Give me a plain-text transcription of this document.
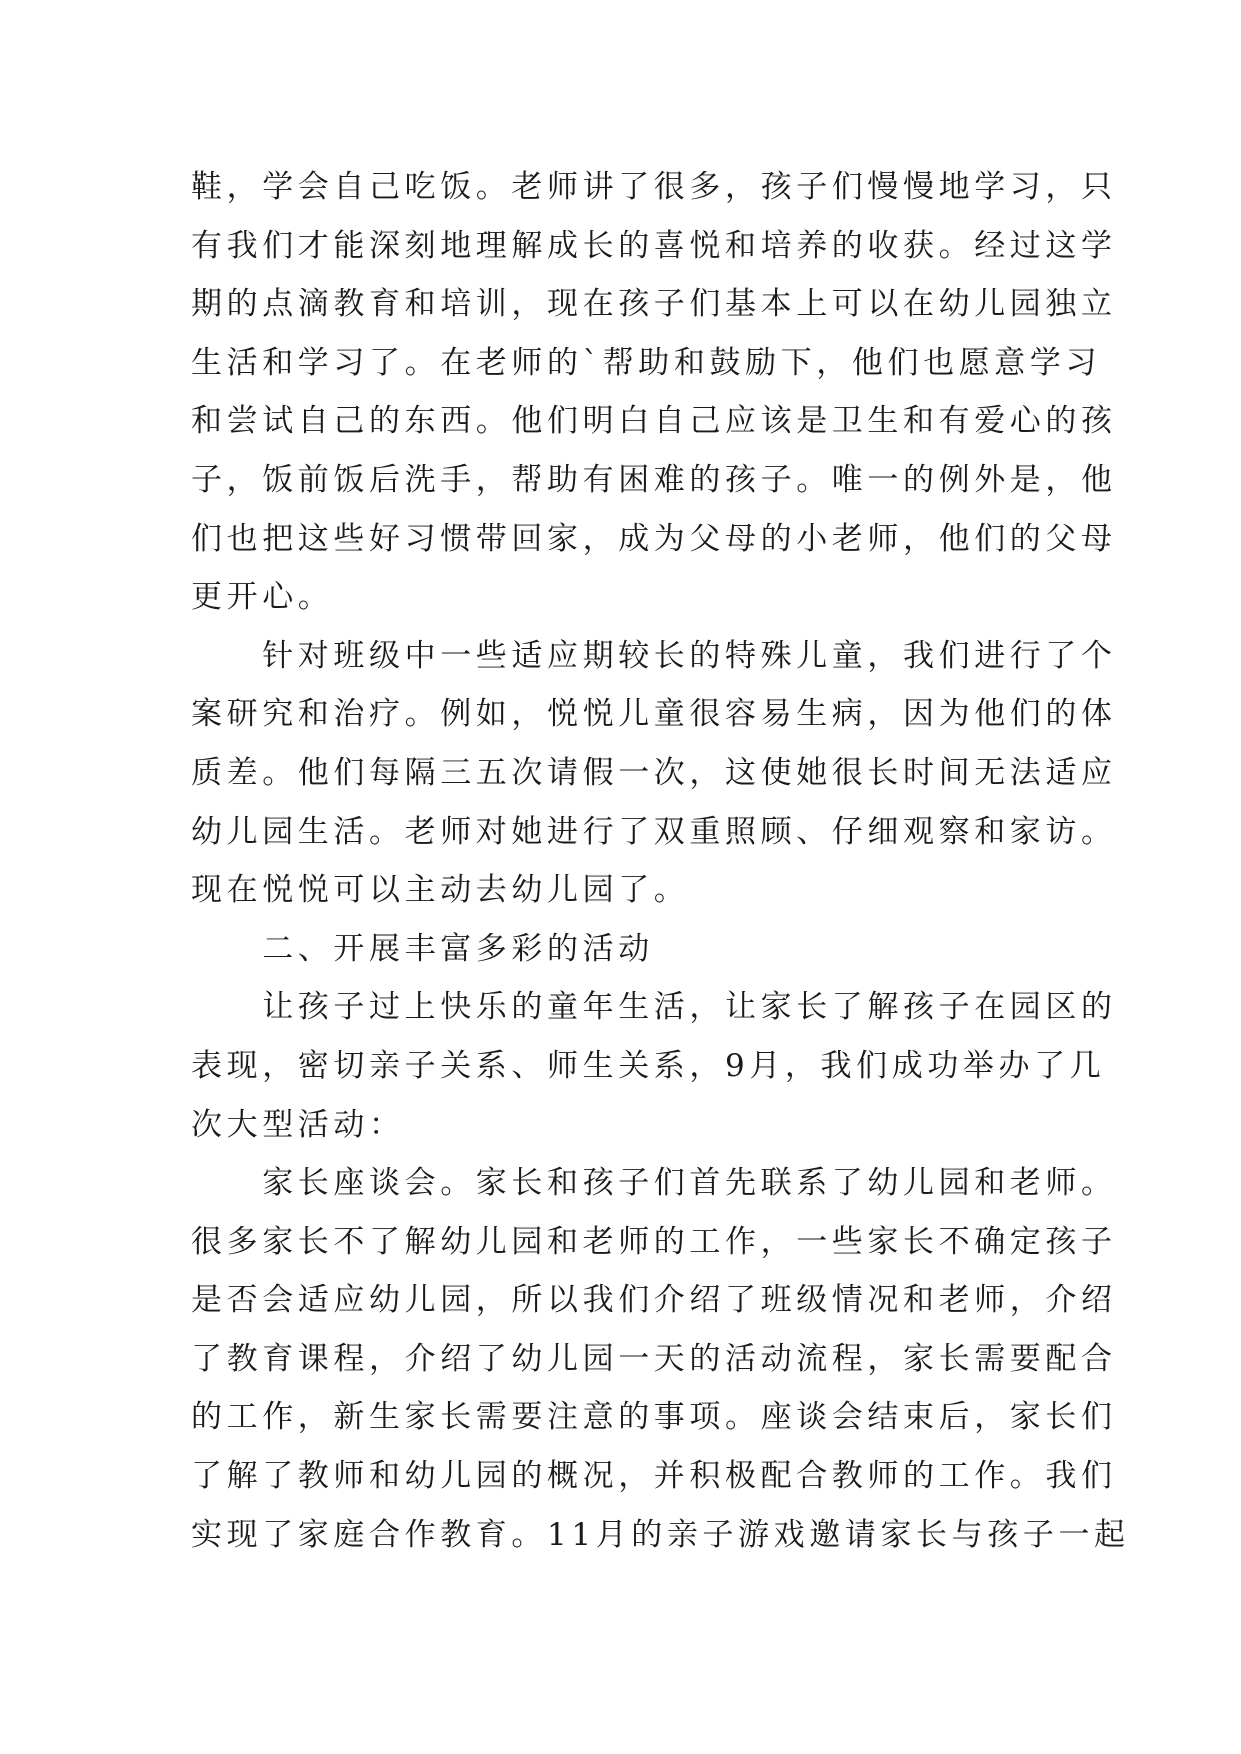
鞋，学会自己吃饭。老师讲了很多，孩子们慢慢地学习，只
有我们才能深刻地理解成长的喜悦和培养的收获。经过这学
期的点滴教育和培训，现在孩子们基本上可以在幼儿园独立
生活和学习了。在老师的`帮助和鼓励下，他们也愿意学习
和尝试自己的东西。他们明白自己应该是卫生和有爱心的孩
子，饭前饭后洗手，帮助有困难的孩子。唯一的例外是，他
们也把这些好习惯带回家，成为父母的小老师，他们的父母
更开心。
　　针对班级中一些适应期较长的特殊儿童，我们进行了个
案研究和治疗。例如，悦悦儿童很容易生病，因为他们的体
质差。他们每隔三五次请假一次，这使她很长时间无法适应
幼儿园生活。老师对她进行了双重照顾、仔细观察和家访。
现在悦悦可以主动去幼儿园了。
　　二、开展丰富多彩的活动
　　让孩子过上快乐的童年生活，让家长了解孩子在园区的
表现，密切亲子关系、师生关系，9月，我们成功举办了几
次大型活动：
　　家长座谈会。家长和孩子们首先联系了幼儿园和老师。
很多家长不了解幼儿园和老师的工作，一些家长不确定孩子
是否会适应幼儿园，所以我们介绍了班级情况和老师，介绍
了教育课程，介绍了幼儿园一天的活动流程，家长需要配合
的工作，新生家长需要注意的事项。座谈会结束后，家长们
了解了教师和幼儿园的概况，并积极配合教师的工作。我们
实现了家庭合作教育。11月的亲子游戏邀请家长与孩子一起
